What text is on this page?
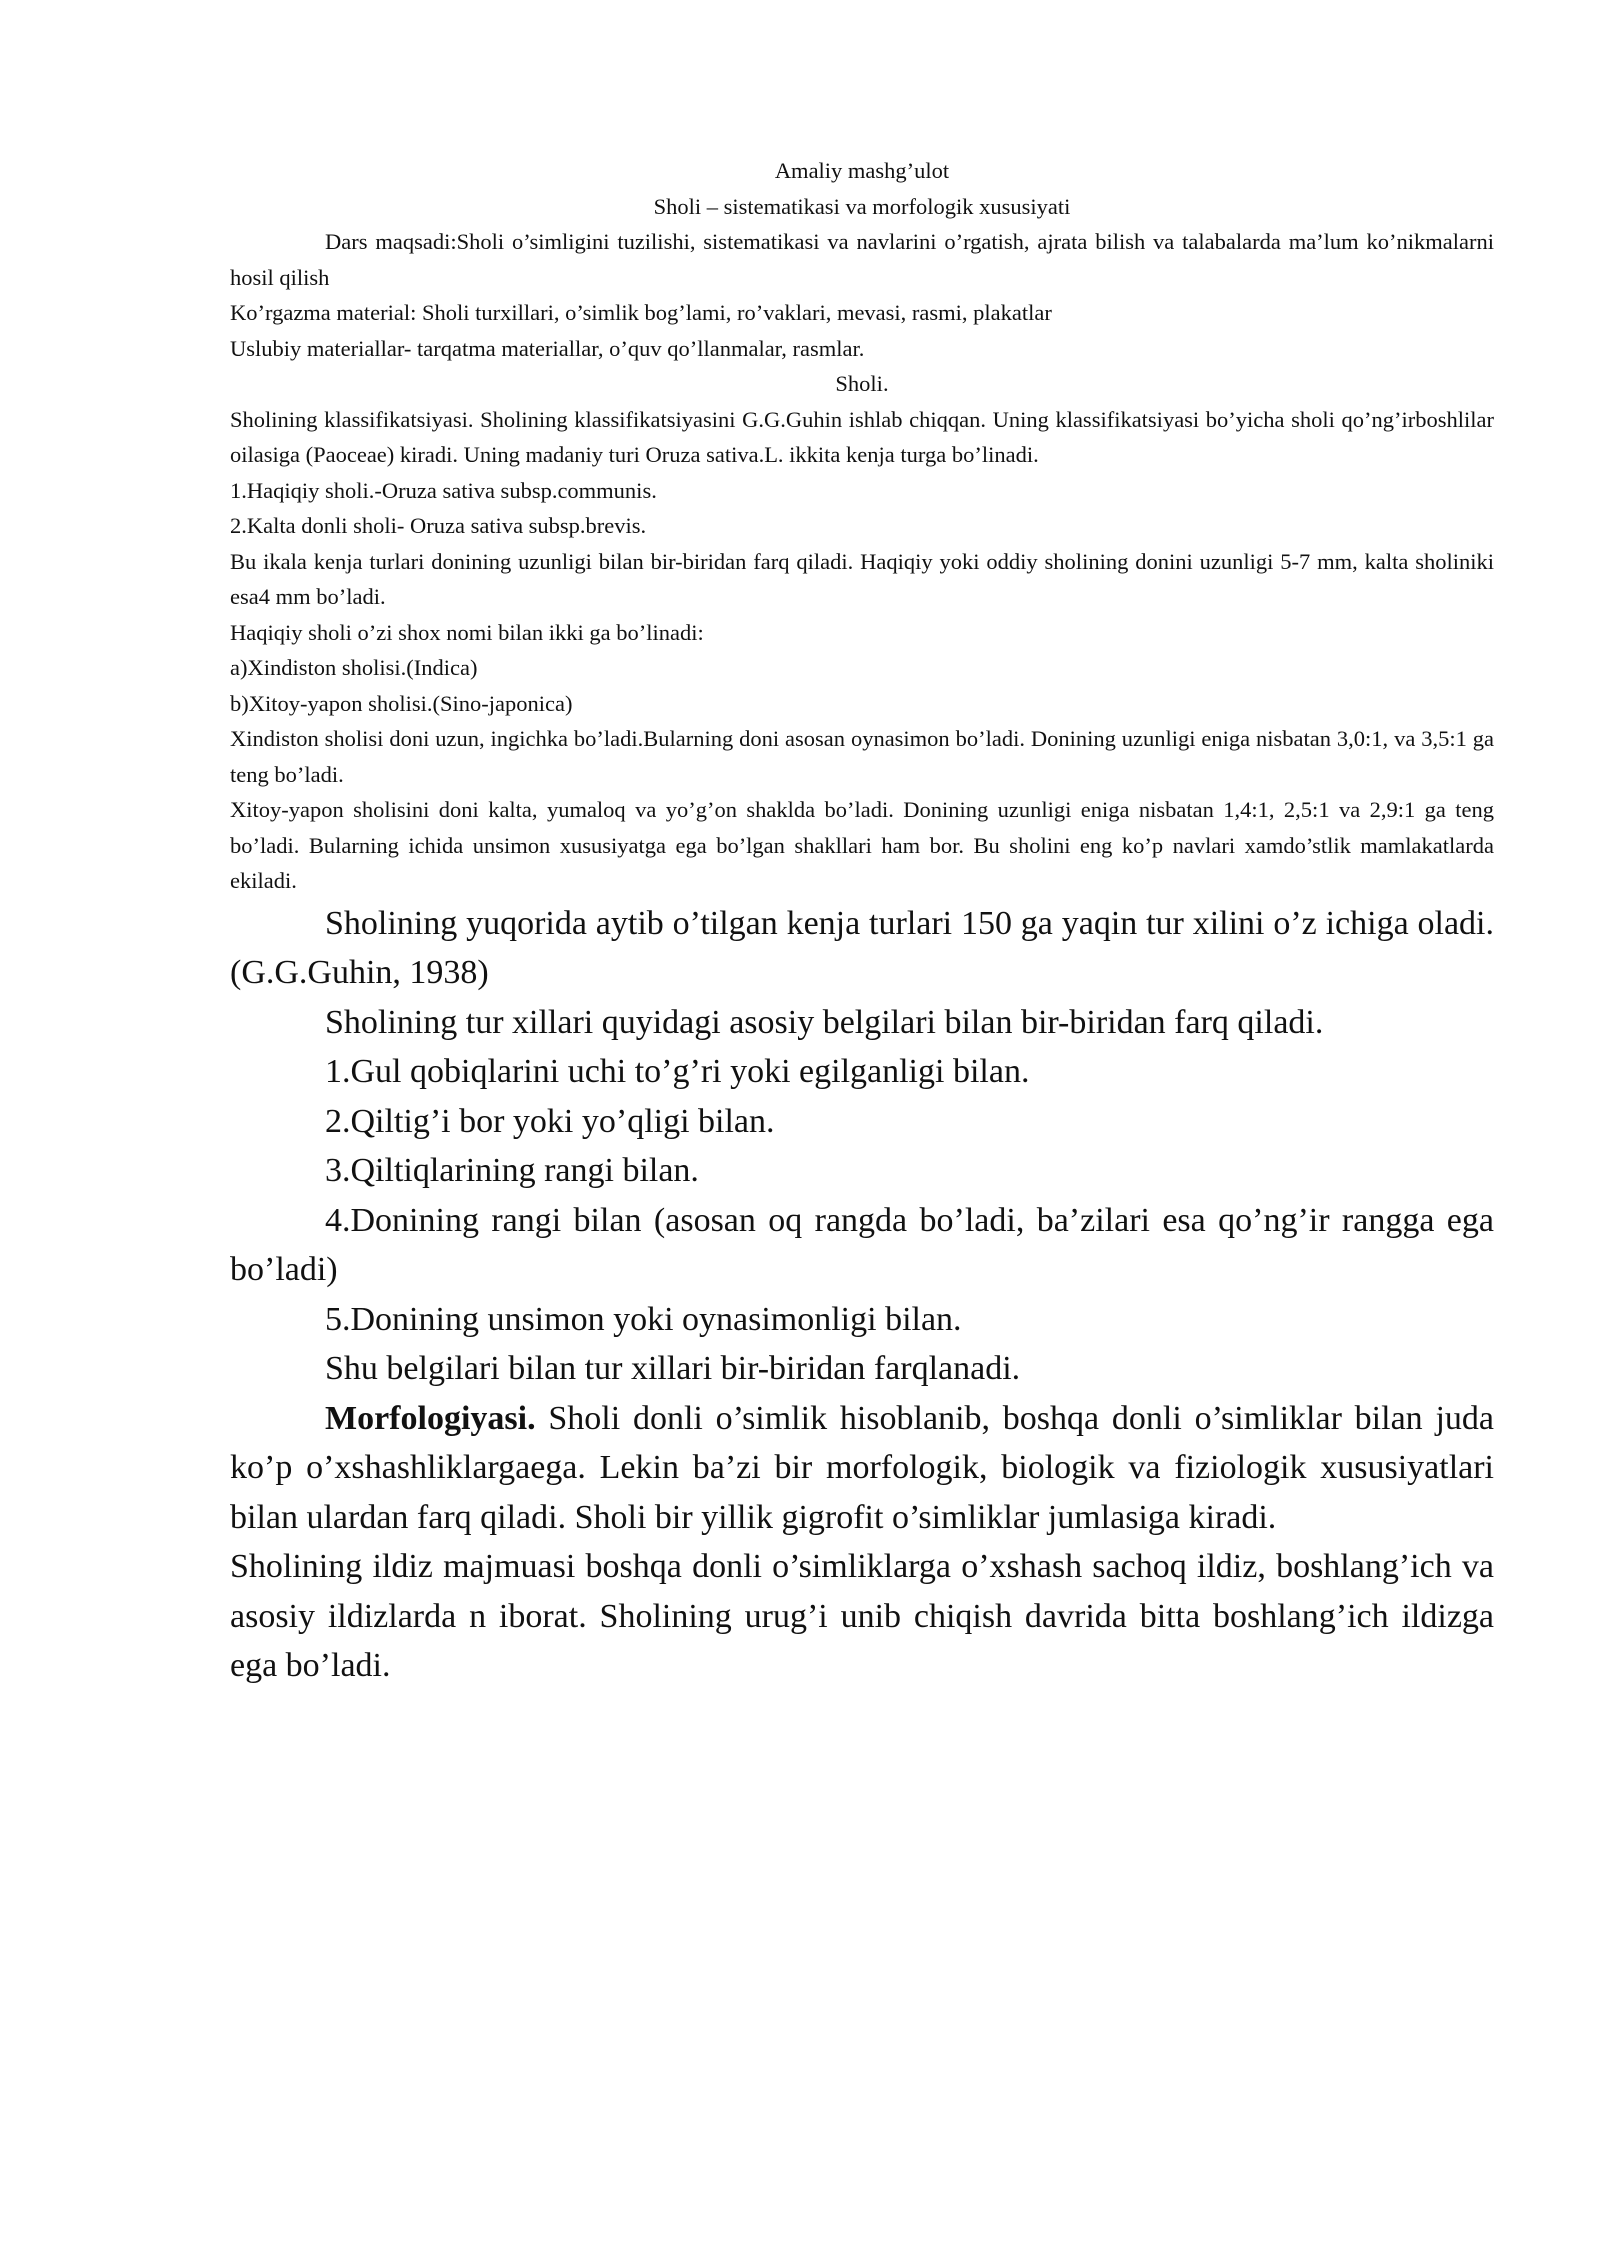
Amaliy mashg’ulot

Sholi – sistematikasi va morfologik xususiyati

Dars maqsadi:Sholi o’simligini tuzilishi, sistematikasi va navlarini o’rgatish, ajrata bilish va talabalarda ma’lum ko’nikmalarni hosil qilish

Ko’rgazma material: Sholi turxillari, o’simlik bog’lami, ro’vaklari, mevasi, rasmi, plakatlar

Uslubiy materiallar- tarqatma materiallar, o’quv qo’llanmalar, rasmlar.

Sholi.

Sholining klassifikatsiyasi. Sholining klassifikatsiyasini G.G.Guhin ishlab chiqqan. Uning klassifikatsiyasi bo’yicha sholi qo’ng’irboshlilar oilasiga (Paoceae) kiradi. Uning madaniy turi Oruza sativa.L. ikkita kenja turga bo’linadi.

1.Haqiqiy sholi.-Oruza sativa subsp.communis.

2.Kalta donli sholi- Oruza sativa subsp.brevis.

Bu ikala kenja turlari donining uzunligi bilan bir-biridan farq qiladi. Haqiqiy yoki oddiy sholining donini uzunligi 5-7 mm, kalta sholiniki esa4 mm bo’ladi.

Haqiqiy sholi o’zi shox nomi bilan ikki ga bo’linadi:

a)Xindiston sholisi.(Indica)

b)Xitoy-yapon sholisi.(Sino-japonica)

Xindiston sholisi doni uzun, ingichka bo’ladi.Bularning doni asosan oynasimon bo’ladi. Donining uzunligi eniga nisbatan 3,0:1, va 3,5:1 ga teng bo’ladi.

Xitoy-yapon sholisini doni kalta, yumaloq va yo’g’on shaklda bo’ladi. Donining uzunligi eniga nisbatan 1,4:1, 2,5:1 va 2,9:1 ga teng bo’ladi. Bularning ichida unsimon xususiyatga ega bo’lgan shakllari ham bor. Bu sholini eng ko’p navlari xamdo’stlik mamlakatlarda ekiladi.

Sholining yuqorida aytib o’tilgan kenja turlari 150 ga yaqin tur xilini o’z ichiga oladi. (G.G.Guhin, 1938)

Sholining tur xillari quyidagi asosiy belgilari bilan bir-biridan farq qiladi.

1.Gul qobiqlarini uchi to’g’ri yoki egilganligi bilan.

2.Qiltig’i bor yoki yo’qligi bilan.

3.Qiltiqlarining rangi bilan.

4.Donining rangi bilan (asosan oq rangda bo’ladi, ba’zilari esa qo’ng’ir rangga ega bo’ladi)

5.Donining unsimon yoki oynasimonligi bilan.

Shu belgilari bilan tur xillari bir-biridan farqlanadi.

Morfologiyasi. Sholi donli o’simlik hisoblanib, boshqa donli o’simliklar bilan juda ko’p o’xshashliklargaega. Lekin ba’zi bir morfologik, biologik va fiziologik xususiyatlari bilan ulardan farq qiladi. Sholi bir yillik gigrofit o’simliklar jumlasiga kiradi.

Sholining ildiz majmuasi boshqa donli o’simliklarga o’xshash sachoq ildiz, boshlang’ich va asosiy ildizlarda n iborat. Sholining urug’i unib chiqish davrida bitta boshlang’ich ildizga ega bo’ladi.
